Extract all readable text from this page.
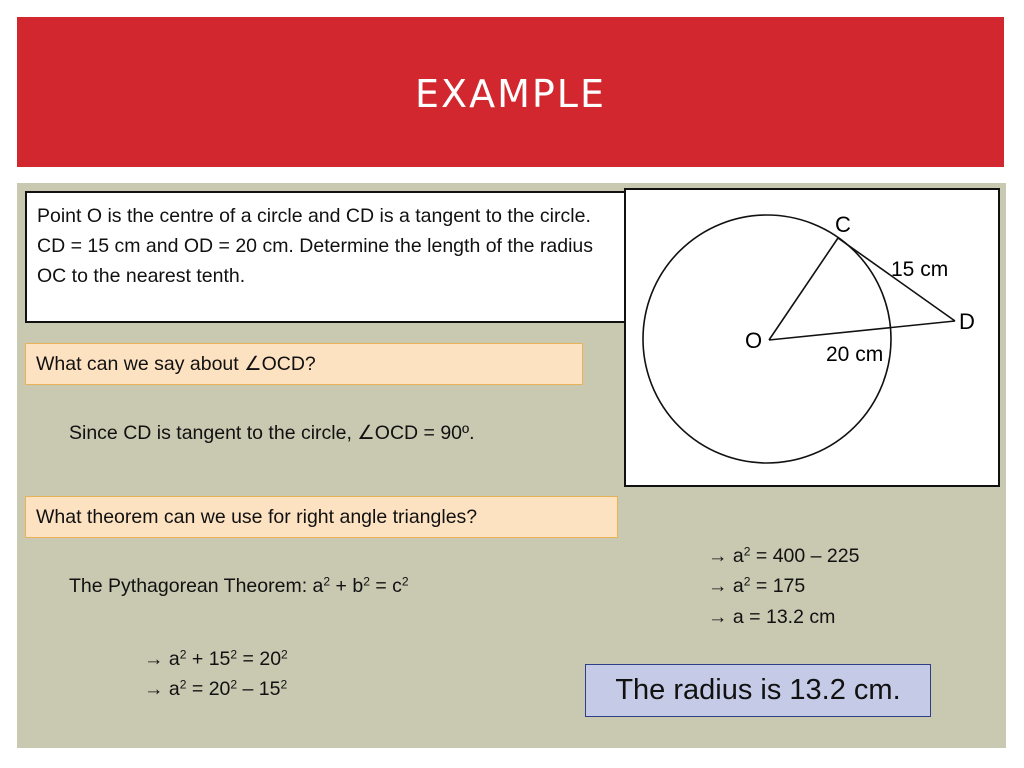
EXAMPLE
Point O is the centre of a circle and CD is a tangent to the circle. CD = 15 cm and OD = 20 cm. Determine the length of the radius OC to the nearest tenth.
C
D
O
15 cm
20 cm
What can we say about ∠OCD?
Since CD is tangent to the circle, ∠OCD = 90º.
What theorem can we use for right angle triangles?
The Pythagorean Theorem: $a^2 + b^2 = c^2$
→ $a^2 + 15^2 = 20^2$
→ $a^2 = 20^2 - 15^2$
→ $a^2 = 400 - 225$
→ $a^2 = 175$
→ a = 13.2 cm
The radius is 13.2 cm.
